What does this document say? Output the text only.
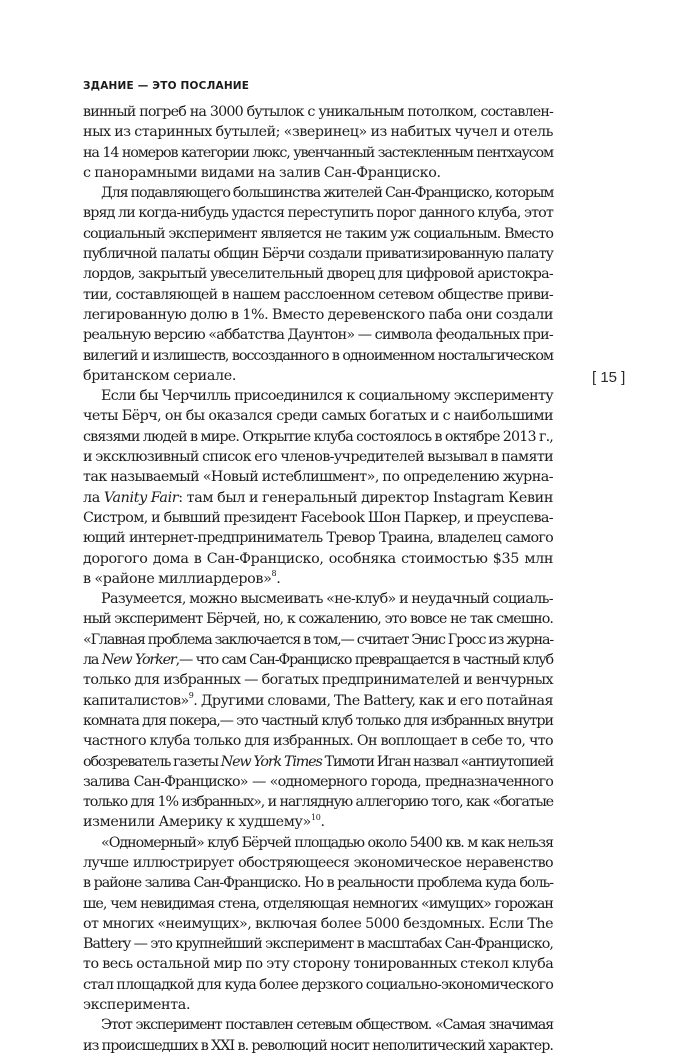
ЗДАНИЕ — ЭТО ПОСЛАНИЕ
[ 15 ]
винный погреб на 3000 бутылок с уникальным потолком, составлен-
ных из старинных бутылей; «зверинец» из набитых чучел и отель
на 14 номеров категории люкс, увенчанный застекленным пентхаусом
с панорамными видами на залив Сан-Франциско.
Для подавляющего большинства жителей Сан-Франциско, которым
вряд ли когда-нибудь удастся переступить порог данного клуба, этот
социальный эксперимент является не таким уж социальным. Вместо
публичной палаты общин Бёрчи создали приватизированную палату
лордов, закрытый увеселительный дворец для цифровой аристокра-
тии, составляющей в нашем расслоенном сетевом обществе приви-
легированную долю в 1%. Вместо деревенского паба они создали
реальную версию «аббатства Даунтон» — символа феодальных при-
вилегий и излишеств, воссозданного в одноименном ностальгическом
британском сериале.
Если бы Черчилль присоединился к социальному эксперименту
четы Бёрч, он бы оказался среди самых богатых и с наибольшими
связями людей в мире. Открытие клуба состоялось в октябре 2013 г.,
и эксклюзивный список его членов-учредителей вызывал в памяти
так называемый «Новый истеблишмент», по определению журна-
ла Vanity Fair: там был и генеральный директор Instagram Кевин
Систром, и бывший президент Facebook Шон Паркер, и преуспева-
ющий интернет-предприниматель Тревор Траина, владелец самого
дорогого дома в Сан-Франциско, особняка стоимостью $35 млн
в «районе миллиардеров»$^8$.
Разумеется, можно высмеивать «не-клуб» и неудачный социаль-
ный эксперимент Бёрчей, но, к сожалению, это вовсе не так смешно.
«Главная проблема заключается в том,— считает Энис Гросс из журна-
ла New Yorker,— что сам Сан-Франциско превращается в частный клуб
только для избранных — богатых предпринимателей и венчурных
капиталистов»$^9$. Другими словами, The Battery, как и его потайная
комната для покера,— это частный клуб только для избранных внутри
частного клуба только для избранных. Он воплощает в себе то, что
обозреватель газеты New York Times Тимоти Иган назвал «антиутопией
залива Сан-Франциско» — «одномерного города, предназначенного
только для 1% избранных», и наглядную аллегорию того, как «богатые
изменили Америку к худшему»$^{10}$.
«Одномерный» клуб Бёрчей площадью около 5400 кв. м как нельзя
лучше иллюстрирует обостряющееся экономическое неравенство
в районе залива Сан-Франциско. Но в реальности проблема куда боль-
ше, чем невидимая стена, отделяющая немногих «имущих» горожан
от многих «неимущих», включая более 5000 бездомных. Если The
Battery — это крупнейший эксперимент в масштабах Сан-Франциско,
то весь остальной мир по эту сторону тонированных стекол клуба
стал площадкой для куда более дерзкого социально-экономического
эксперимента.
Этот эксперимент поставлен сетевым обществом. «Самая значимая
из происшедших в XXI в. революций носит неполитический характер.
